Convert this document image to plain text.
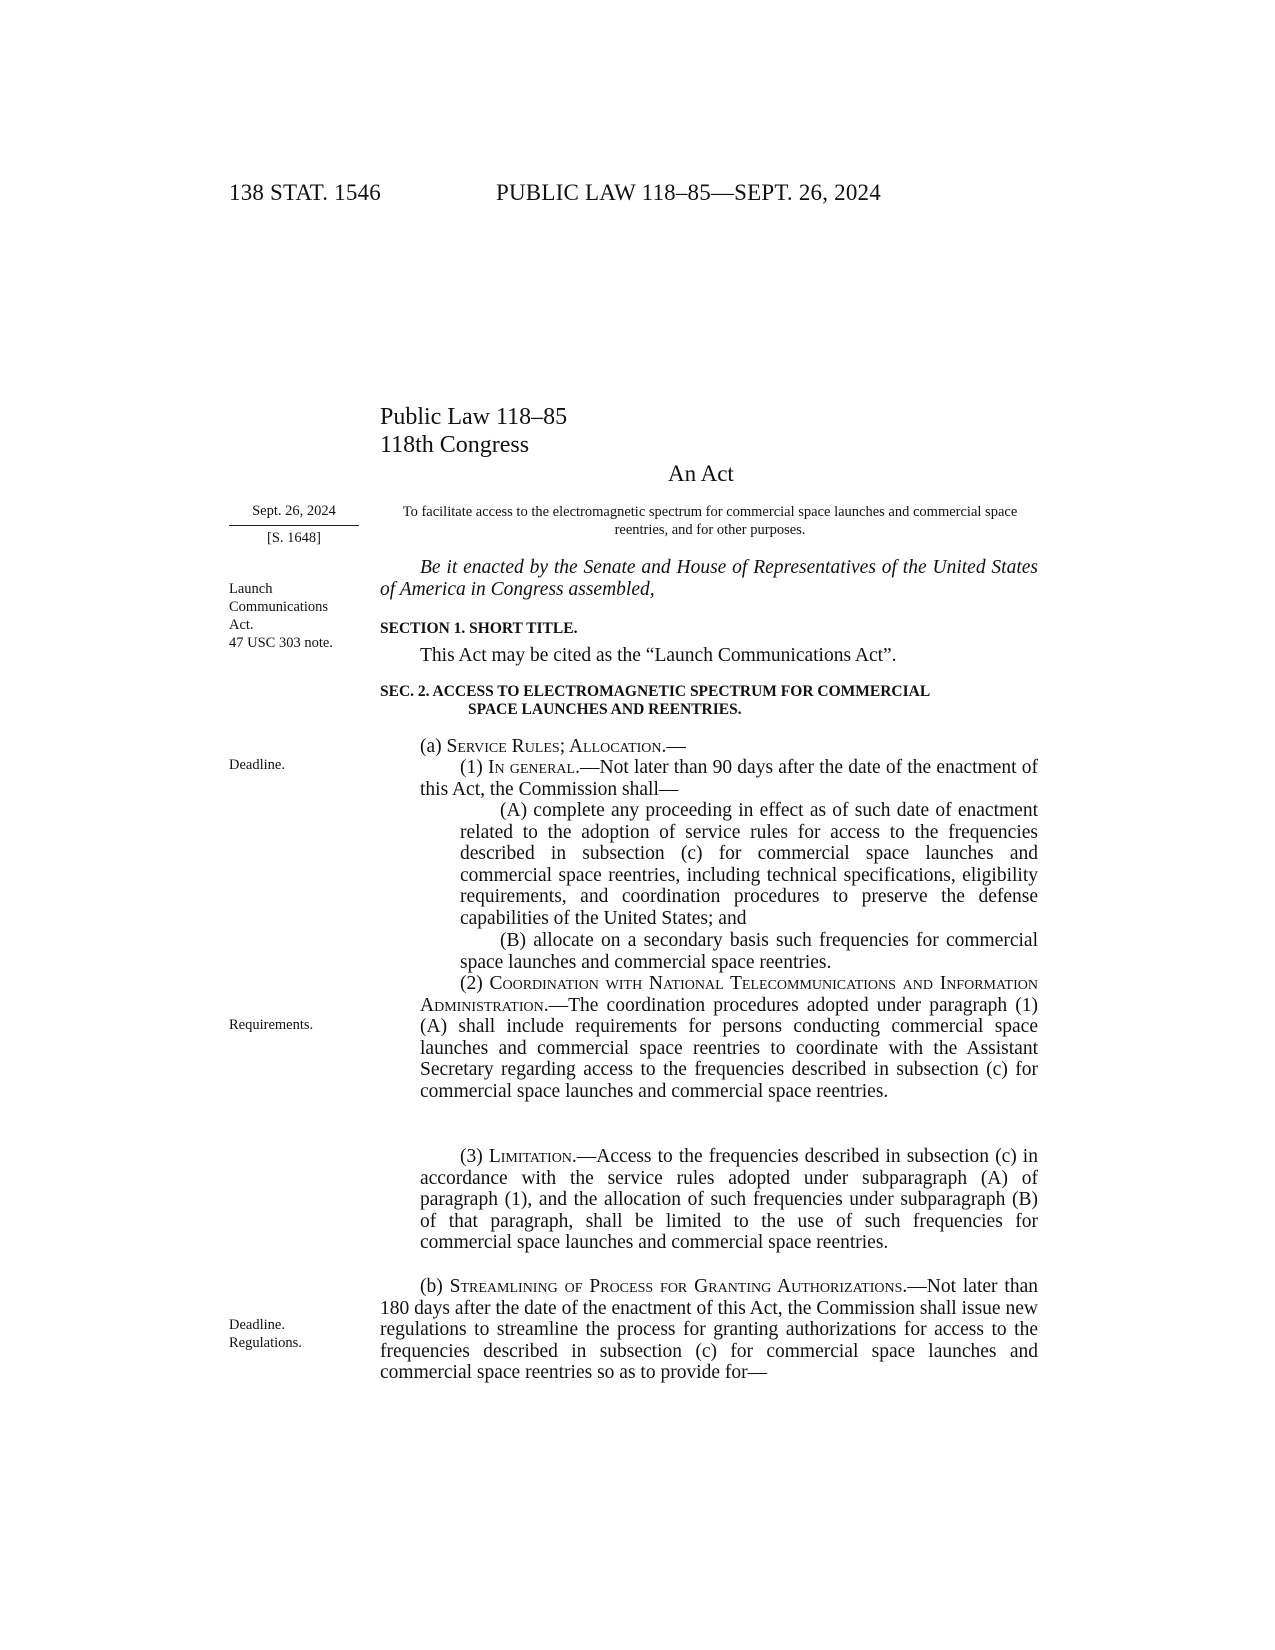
138 STAT. 1546	PUBLIC LAW 118–85—SEPT. 26, 2024
Public Law 118–85
118th Congress
An Act
Sept. 26, 2024
[S. 1648]
Launch
Communications
Act.
47 USC 303 note.
Deadline.
Requirements.
Deadline.
Regulations.
To facilitate access to the electromagnetic spectrum for commercial space launches and commercial space reentries, and for other purposes.
Be it enacted by the Senate and House of Representatives of the United States of America in Congress assembled,
SECTION 1. SHORT TITLE.
This Act may be cited as the “Launch Communications Act”.
SEC. 2. ACCESS TO ELECTROMAGNETIC SPECTRUM FOR COMMERCIAL
SPACE LAUNCHES AND REENTRIES.
(a) Service Rules; Allocation.—
(1) In general.—Not later than 90 days after the date of the enactment of this Act, the Commission shall—
(A) complete any proceeding in effect as of such date of enactment related to the adoption of service rules for access to the frequencies described in subsection (c) for commercial space launches and commercial space reentries, including technical specifications, eligibility requirements, and coordination procedures to preserve the defense capabilities of the United States; and
(B) allocate on a secondary basis such frequencies for commercial space launches and commercial space reentries.
(2) Coordination with National Telecommunications and Information Administration.—The coordination procedures adopted under paragraph (1)(A) shall include requirements for persons conducting commercial space launches and commercial space reentries to coordinate with the Assistant Secretary regarding access to the frequencies described in subsection (c) for commercial space launches and commercial space reentries.
(3) Limitation.—Access to the frequencies described in subsection (c) in accordance with the service rules adopted under subparagraph (A) of paragraph (1), and the allocation of such frequencies under subparagraph (B) of that paragraph, shall be limited to the use of such frequencies for commercial space launches and commercial space reentries.
(b) Streamlining of Process for Granting Authorizations.—Not later than 180 days after the date of the enactment of this Act, the Commission shall issue new regulations to streamline the process for granting authorizations for access to the frequencies described in subsection (c) for commercial space launches and commercial space reentries so as to provide for—
